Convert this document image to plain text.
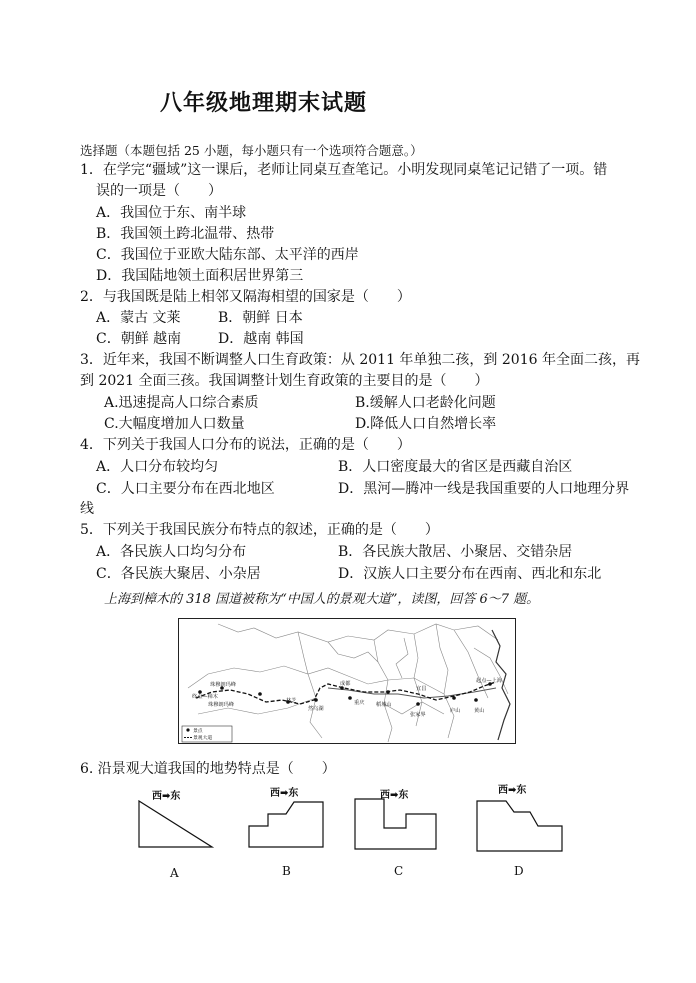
八年级地理期末试题
选择题（本题包括 25 小题，每小题只有一个选项符合题意。）
1．在学完“疆域”这一课后，老师让同桌互查笔记。小明发现同桌笔记记错了一项。错
误的一项是（　　）
A．我国位于东、南半球
B．我国领土跨北温带、热带
C．我国位于亚欧大陆东部、太平洋的西岸
D．我国陆地领土面积居世界第三
2．与我国既是陆上相邻又隔海相望的国家是（　　）
A．蒙古 文莱	B．朝鲜 日本
C．朝鲜 越南	D．越南 韩国
3．近年来，我国不断调整人口生育政策：从 2011 年单独二孩，到 2016 年全面二孩，再
到 2021 全面三孩。我国调整计划生育政策的主要目的是（　　）
A.迅速提高人口综合素质	B.缓解人口老龄化问题
C.大幅度增加人口数量	D.降低人口自然增长率
4．下列关于我国人口分布的说法，正确的是（　　）
A．人口分布较均匀	B．人口密度最大的省区是西藏自治区
C．人口主要分布在西北地区	D．黑河—腾冲一线是我国重要的人口地理分界
线
5．下列关于我国民族分布特点的叙述，正确的是（　　）
A．各民族人口均匀分布	B．各民族大散居、小聚居、交错杂居
C．各民族大聚居、小杂居	D．汉族人口主要分布在西南、西北和东北
上海到樟木的 318 国道被称为“中国人的景观大道”，读图，回答 6～7 题。
珠穆朗玛峰
终点—樟木
珠穆朗玛峰
林芝
然乌湖
成都
重庆
张家界
宜昌
庐山	黄山
起点—上海
稻城山
景点
景观大道
6. 沿景观大道我国的地势特点是（　　）
西➡东
A
西➡东
B
西➡东
C
西➡东
D
